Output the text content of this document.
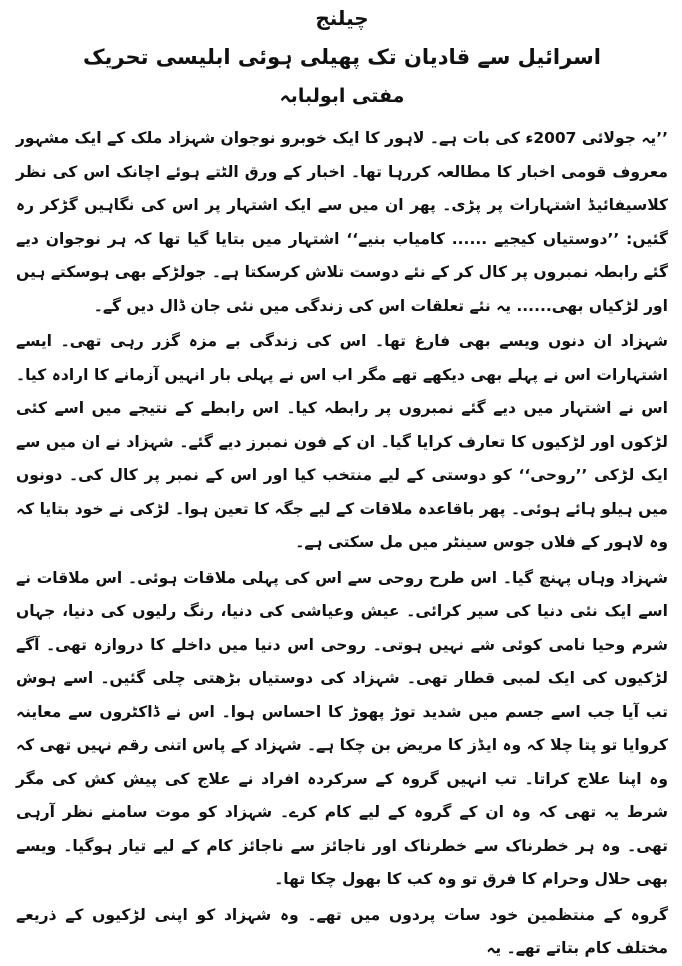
چیلنج
اسرائیل سے قادیان تک پھیلی ہوئی ابلیسی تحریک
مفتی ابولبابہ

’’یہ جولائی 2007ء کی بات ہے۔ لاہور کا ایک خوبرو نوجوان شہزاد ملک کے ایک مشہور معروف قومی اخبار کا مطالعہ کررہا تھا۔ اخبار کے ورق الٹتے ہوئے اچانک اس کی نظر کلاسیفائیڈ اشتہارات پر پڑی۔ پھر ان میں سے ایک اشتہار پر اس کی نگاہیں گڑکر رہ گئیں: ’’دوستیاں کیجیے ...... کامیاب بنیے‘‘ اشتہار میں بتایا گیا تھا کہ ہر نوجوان دیے گئے رابطہ نمبروں پر کال کر کے نئے دوست تلاش کرسکتا ہے۔ جولڑکے بھی ہوسکتے ہیں اور لڑکیاں بھی...... یہ نئے تعلقات اس کی زندگی میں نئی جان ڈال دیں گے۔

شہزاد ان دنوں ویسے بھی فارغ تھا۔ اس کی زندگی بے مزہ گزر رہی تھی۔ ایسے اشتہارات اس نے پہلے بھی دیکھے تھے مگر اب اس نے پہلی بار انہیں آزمانے کا ارادہ کیا۔ اس نے اشتہار میں دیے گئے نمبروں پر رابطہ کیا۔ اس رابطے کے نتیجے میں اسے کئی لڑکوں اور لڑکیوں کا تعارف کرایا گیا۔ ان کے فون نمبرز دیے گئے۔ شہزاد نے ان میں سے ایک لڑکی ’’روحی‘‘ کو دوستی کے لیے منتخب کیا اور اس کے نمبر پر کال کی۔ دونوں میں ہیلو ہائے ہوئی۔ پھر باقاعدہ ملاقات کے لیے جگہ کا تعین ہوا۔ لڑکی نے خود بتایا کہ وہ لاہور کے فلاں جوس سینٹر میں مل سکتی ہے۔

شہزاد وہاں پہنچ گیا۔ اس طرح روحی سے اس کی پہلی ملاقات ہوئی۔ اس ملاقات نے اسے ایک نئی دنیا کی سیر کرائی۔ عیش وعیاشی کی دنیا، رنگ رلیوں کی دنیا، جہاں شرم وحیا نامی کوئی شے نہیں ہوتی۔ روحی اس دنیا میں داخلے کا دروازہ تھی۔ آگے لڑکیوں کی ایک لمبی قطار تھی۔ شہزاد کی دوستیاں بڑھتی چلی گئیں۔ اسے ہوش تب آیا جب اسے جسم میں شدید توڑ پھوڑ کا احساس ہوا۔ اس نے ڈاکٹروں سے معاینہ کروایا تو پتا چلا کہ وہ ایڈز کا مریض بن چکا ہے۔ شہزاد کے پاس اتنی رقم نہیں تھی کہ وہ اپنا علاج کراتا۔ تب انہیں گروہ کے سرکردہ افراد نے علاج کی پیش کش کی مگر شرط یہ تھی کہ وہ ان کے گروہ کے لیے کام کرے۔ شہزاد کو موت سامنے نظر آرہی تھی۔ وہ ہر خطرناک سے خطرناک اور ناجائز سے ناجائز کام کے لیے تیار ہوگیا۔ ویسے بھی حلال وحرام کا فرق تو وہ کب کا بھول چکا تھا۔

گروہ کے منتظمین خود سات پردوں میں تھے۔ وہ شہزاد کو اپنی لڑکیوں کے ذریعے مختلف کام بتاتے تھے۔ یہ
